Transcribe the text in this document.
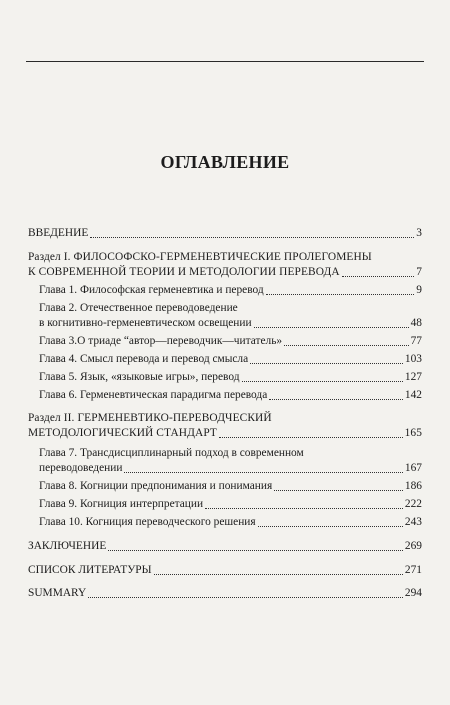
ОГЛАВЛЕНИЕ
ВВЕДЕНИЕ	3
Раздел I. ФИЛОСОФСКО-ГЕРМЕНЕВТИЧЕСКИЕ ПРОЛЕГОМЕНЫ
К СОВРЕМЕННОЙ ТЕОРИИ И МЕТОДОЛОГИИ ПЕРЕВОДА	7
Глава 1. Философская герменевтика и перевод	9
Глава 2. Отечественное переводоведение
в когнитивно-герменевтическом освещении	48
Глава 3.О триаде “автор—переводчик—читатель»	77
Глава 4. Смысл перевода и перевод смысла	103
Глава 5. Язык, «языковые игры», перевод	127
Глава 6. Герменевтическая парадигма перевода	142
Раздел II. ГЕРМЕНЕВТИКО-ПЕРЕВОДЧЕСКИЙ
МЕТОДОЛОГИЧЕСКИЙ СТАНДАРТ	165
Глава 7. Трансдисциплинарный подход в современном
переводоведении	167
Глава 8. Когниции предпонимания и понимания	186
Глава 9. Когниция интерпретации	222
Глава 10. Когниция переводческого решения	243
ЗАКЛЮЧЕНИЕ	269
СПИСОК ЛИТЕРАТУРЫ	271
SUMMARY	294
